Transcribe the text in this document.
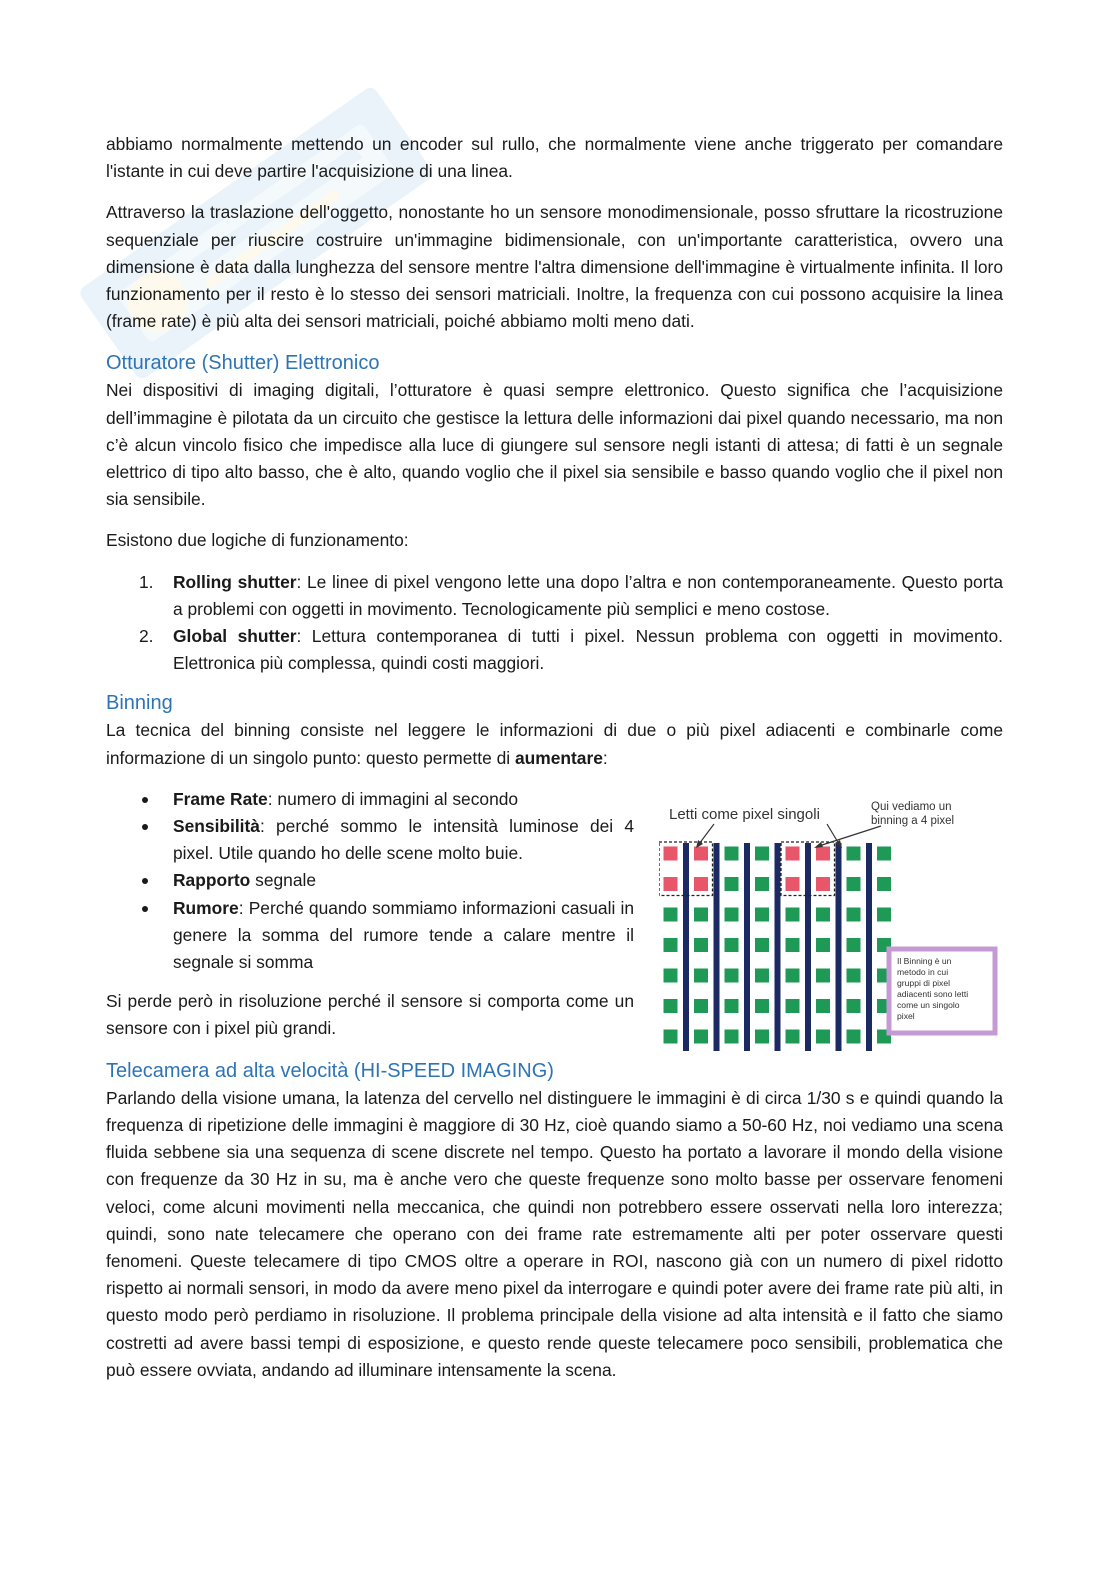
abbiamo normalmente mettendo un encoder sul rullo, che normalmente viene anche triggerato per comandare l'istante in cui deve partire l'acquisizione di una linea.

Attraverso la traslazione dell'oggetto, nonostante ho un sensore monodimensionale, posso sfruttare la ricostruzione sequenziale per riuscire costruire un'immagine bidimensionale, con un'importante caratteristica, ovvero una dimensione è data dalla lunghezza del sensore mentre l'altra dimensione dell'immagine è virtualmente infinita. Il loro funzionamento per il resto è lo stesso dei sensori matriciali. Inoltre, la frequenza con cui possono acquisire la linea (frame rate) è più alta dei sensori matriciali, poiché abbiamo molti meno dati.

Otturatore (Shutter) Elettronico

Nei dispositivi di imaging digitali, l’otturatore è quasi sempre elettronico. Questo significa che l’acquisizione dell’immagine è pilotata da un circuito che gestisce la lettura delle informazioni dai pixel quando necessario, ma non c’è alcun vincolo fisico che impedisce alla luce di giungere sul sensore negli istanti di attesa; di fatti è un segnale elettrico di tipo alto basso, che è alto, quando voglio che il pixel sia sensibile e basso quando voglio che il pixel non sia sensibile.

Esistono due logiche di funzionamento:

1. Rolling shutter: Le linee di pixel vengono lette una dopo l’altra e non contemporaneamente. Questo porta a problemi con oggetti in movimento. Tecnologicamente più semplici e meno costose.
2. Global shutter: Lettura contemporanea di tutti i pixel. Nessun problema con oggetti in movimento. Elettronica più complessa, quindi costi maggiori.
Binning

La tecnica del binning consiste nel leggere le informazioni di due o più pixel adiacenti e combinarle come informazione di un singolo punto: questo permette di aumentare:

Frame Rate: numero di immagini al secondo
Sensibilità: perché sommo le intensità luminose dei 4 pixel. Utile quando ho delle scene molto buie.
Rapporto segnale
Rumore: Perché quando sommiamo informazioni casuali in genere la somma del rumore tende a calare mentre il segnale si somma

Si perde però in risoluzione perché il sensore si comporta come un sensore con i pixel più grandi.

Letti come pixel singoli	Qui vediamo un
binning a 4 pixel
Il Binning è un
metodo in cui
gruppi di pixel
adiacenti sono letti
come un singolo
pixel
Telecamera ad alta velocità (HI-SPEED IMAGING)

Parlando della visione umana, la latenza del cervello nel distinguere le immagini è di circa 1/30 s e quindi quando la frequenza di ripetizione delle immagini è maggiore di 30 Hz, cioè quando siamo a 50-60 Hz, noi vediamo una scena fluida sebbene sia una sequenza di scene discrete nel tempo. Questo ha portato a lavorare il mondo della visione con frequenze da 30 Hz in su, ma è anche vero che queste frequenze sono molto basse per osservare fenomeni veloci, come alcuni movimenti nella meccanica, che quindi non potrebbero essere osservati nella loro interezza; quindi, sono nate telecamere che operano con dei frame rate estremamente alti per poter osservare questi fenomeni. Queste telecamere di tipo CMOS oltre a operare in ROI, nascono già con un numero di pixel ridotto rispetto ai normali sensori, in modo da avere meno pixel da interrogare e quindi poter avere dei frame rate più alti, in questo modo però perdiamo in risoluzione. Il problema principale della visione ad alta intensità e il fatto che siamo costretti ad avere bassi tempi di esposizione, e questo rende queste telecamere poco sensibili, problematica che può essere ovviata, andando ad illuminare intensamente la scena.
